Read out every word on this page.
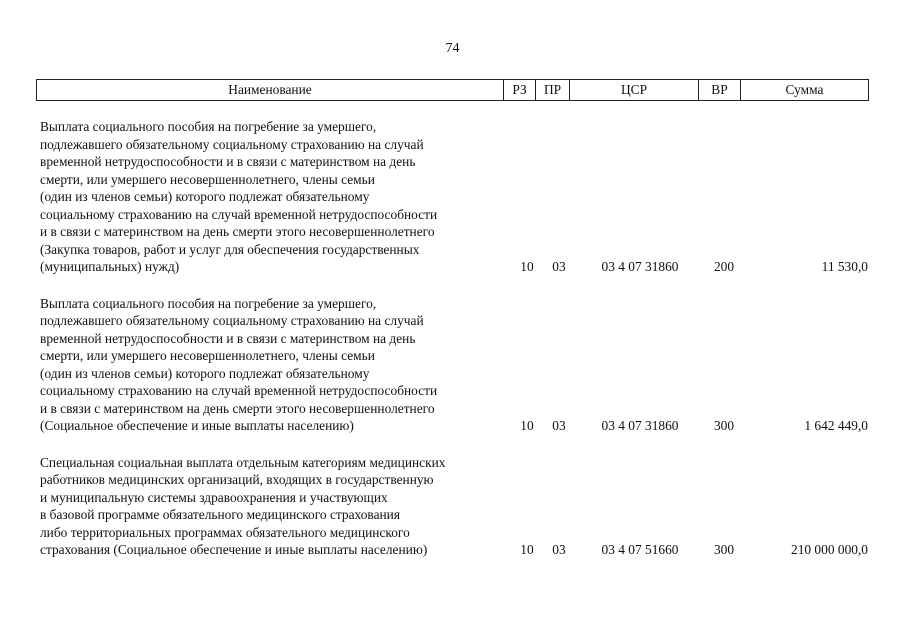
74
Наименование	РЗ	ПР	ЦСР	ВР	Сумма
Выплата социального пособия на погребение за умершего,
подлежавшего обязательному социальному страхованию на случай
временной нетрудоспособности и в связи с материнством на день
смерти, или умершего несовершеннолетнего, члены семьи
(один из членов семьи) которого подлежат обязательному
социальному страхованию на случай временной нетрудоспособности
и в связи с материнством на день смерти этого несовершеннолетнего
(Закупка товаров, работ и услуг для обеспечения государственных
(муниципальных) нужд)	10	03	03 4 07 31860	200	11 530,0
Выплата социального пособия на погребение за умершего,
подлежавшего обязательному социальному страхованию на случай
временной нетрудоспособности и в связи с материнством на день
смерти, или умершего несовершеннолетнего, члены семьи
(один из членов семьи) которого подлежат обязательному
социальному страхованию на случай временной нетрудоспособности
и в связи с материнством на день смерти этого несовершеннолетнего
(Социальное обеспечение и иные выплаты населению)	10	03	03 4 07 31860	300	1 642 449,0
Специальная социальная выплата отдельным категориям медицинских
работников медицинских организаций, входящих в государственную
и муниципальную системы здравоохранения и участвующих
в базовой программе обязательного медицинского страхования
либо территориальных программах обязательного медицинского
страхования (Социальное обеспечение и иные выплаты населению)	10	03	03 4 07 51660	300	210 000 000,0
